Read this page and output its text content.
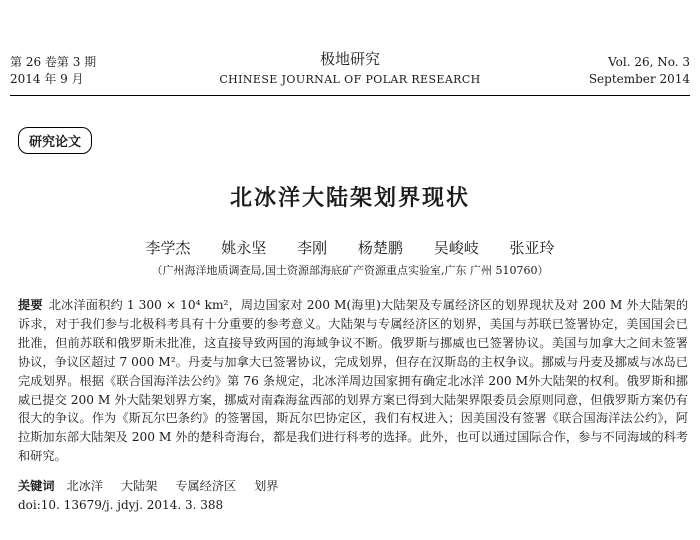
第 26 卷第 3 期
2014 年 9 月
极地研究
CHINESE JOURNAL OF POLAR RESEARCH
Vol. 26, No. 3
September 2014
研究论文
北冰洋大陆架划界现状
李学杰 姚永坚 李刚 杨楚鹏 吴峻岐 张亚玲
（广州海洋地质调查局,国土资源部海底矿产资源重点实验室,广东 广州 510760）
提要 北冰洋面积约 1 300 × 10⁴ km²，周边国家对 200 M(海里)大陆架及专属经济区的划界现状及对 200 M 外大陆架的诉求，对于我们参与北极科考具有十分重要的参考意义。大陆架与专属经济区的划界，美国与苏联已签署协定，美国国会已批准，但前苏联和俄罗斯未批准，这直接导致两国的海域争议不断。俄罗斯与挪威也已签署协议。美国与加拿大之间未签署协议，争议区超过 7 000 M²。丹麦与加拿大已签署协议，完成划界，但存在汉斯岛的主权争议。挪威与丹麦及挪威与冰岛已完成划界。根据《联合国海洋法公约》第 76 条规定，北冰洋周边国家拥有确定北冰洋 200 M外大陆架的权利。俄罗斯和挪威已提交 200 M 外大陆架划界方案，挪威对南森海盆西部的划界方案已得到大陆架界限委员会原则同意，但俄罗斯方案仍有很大的争议。作为《斯瓦尔巴条约》的签署国，斯瓦尔巴协定区，我们有权进入；因美国没有签署《联合国海洋法公约》，阿拉斯加东部大陆架及 200 M 外的楚科奇海台，都是我们进行科考的选择。此外，也可以通过国际合作，参与不同海域的科考和研究。
关键词 北冰洋 大陆架 专属经济区 划界
doi:10. 13679/j. jdyj. 2014. 3. 388
